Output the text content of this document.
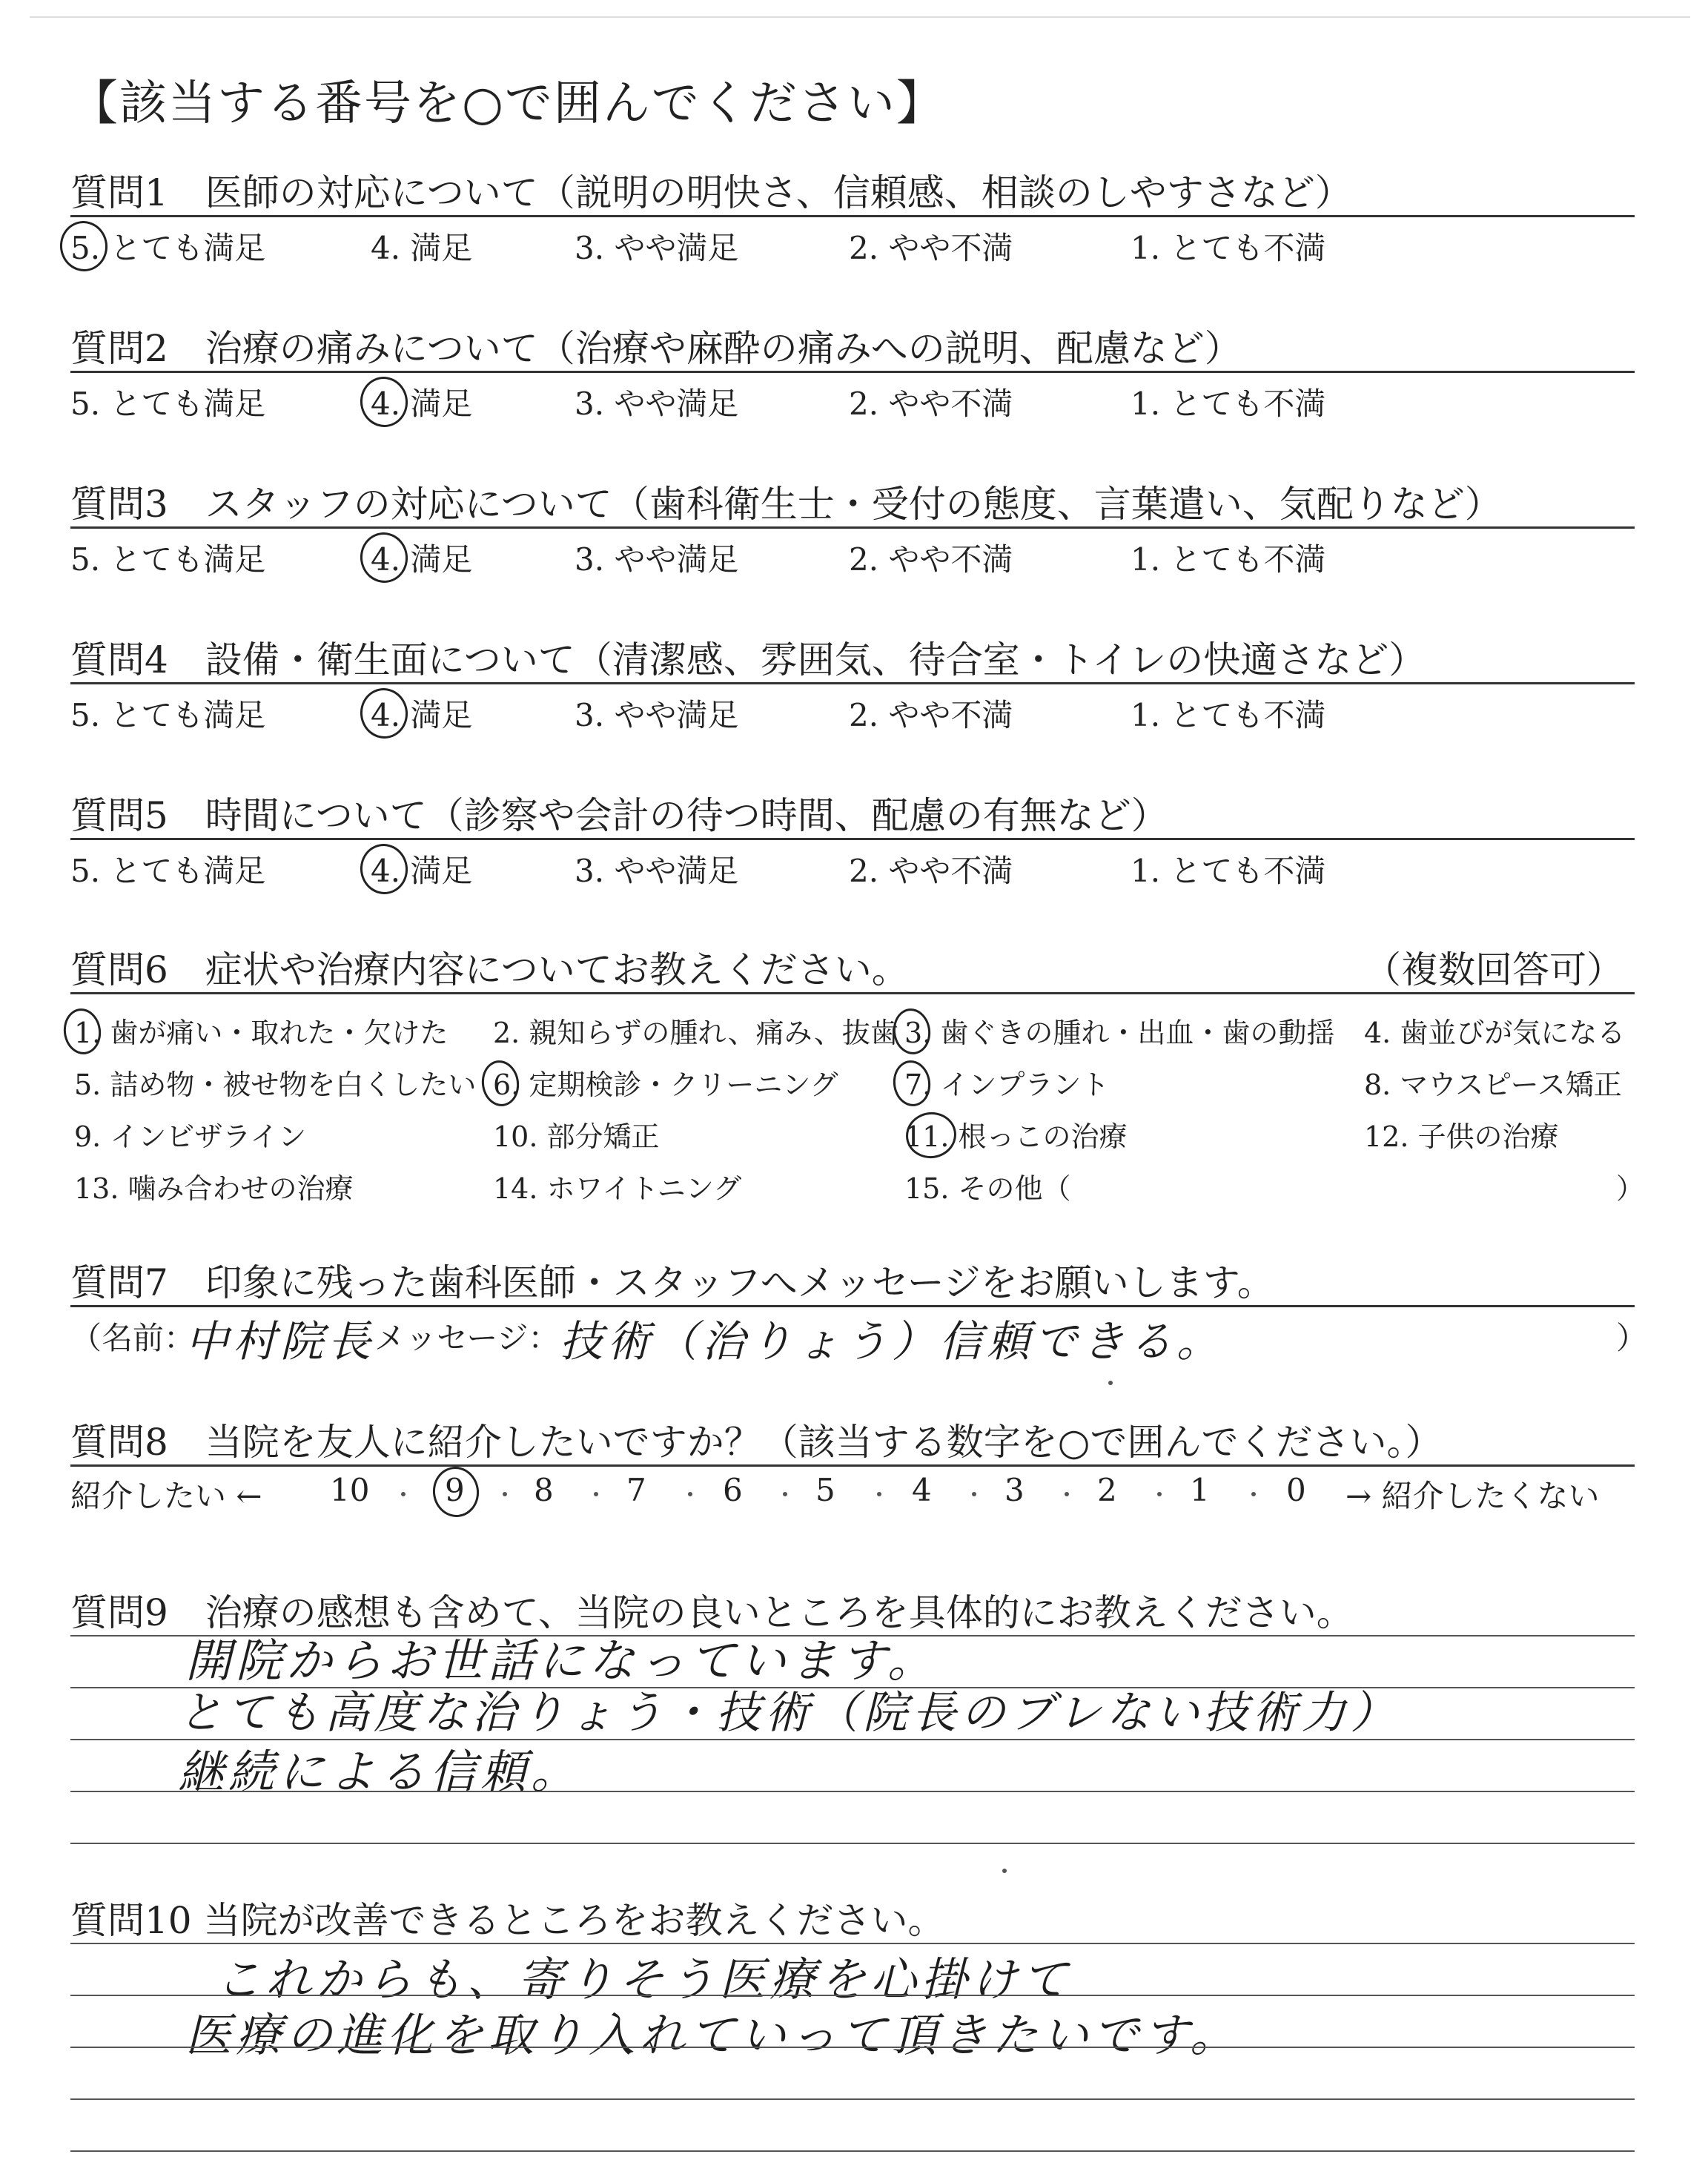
【該当する番号を○で囲んでください】
質問6　症状や治療内容についてお教えください。	（複数回答可）
質問7　印象に残った歯科医師・スタッフへメッセージをお願いします。
（名前：
中村院長
メッセージ： 技術（治りょう）信頼できる。	）
質問8　当院を友人に紹介したいですか？（該当する数字を○で囲んでください。）
紹介したい ←	→ 紹介したくない
質問9　治療の感想も含めて、当院の良いところを具体的にお教えください。
開院からお世話になっています。
とても高度な治りょう・技術（院長のブレない技術力）
継続による信頼。
質問10 当院が改善できるところをお教えください。
これからも、寄りそう医療を心掛けて
医療の進化を取り入れていって頂きたいです。
質問1　医師の対応について（説明の明快さ、信頼感、相談のしやすさなど）
5. とても満足	4. 満足	3. やや満足	2. やや不満	1. とても不満
質問2　治療の痛みについて（治療や麻酔の痛みへの説明、配慮など）
5. とても満足	4. 満足	3. やや満足	2. やや不満	1. とても不満
質問3　スタッフの対応について（歯科衛生士・受付の態度、言葉遣い、気配りなど）
5. とても満足	4. 満足	3. やや満足	2. やや不満	1. とても不満
質問4　設備・衛生面について（清潔感、雰囲気、待合室・トイレの快適さなど）
5. とても満足	4. 満足	3. やや満足	2. やや不満	1. とても不満
質問5　時間について（診察や会計の待つ時間、配慮の有無など）
5. とても満足	4. 満足	3. やや満足	2. やや不満	1. とても不満
1. 歯が痛い・取れた・欠けた 2. 親知らずの腫れ、痛み、抜歯 3. 歯ぐきの腫れ・出血・歯の動揺 4. 歯並びが気になる
5. 詰め物・被せ物を白くしたい 6. 定期検診・クリーニング 7. インプラント	8. マウスピース矯正
9. インビザライン	10. 部分矯正	11. 根っこの治療	12. 子供の治療
13. 噛み合わせの治療	14. ホワイトニング	15. その他（	）
10 9 8 7 6 5 4 3 2 1 0
